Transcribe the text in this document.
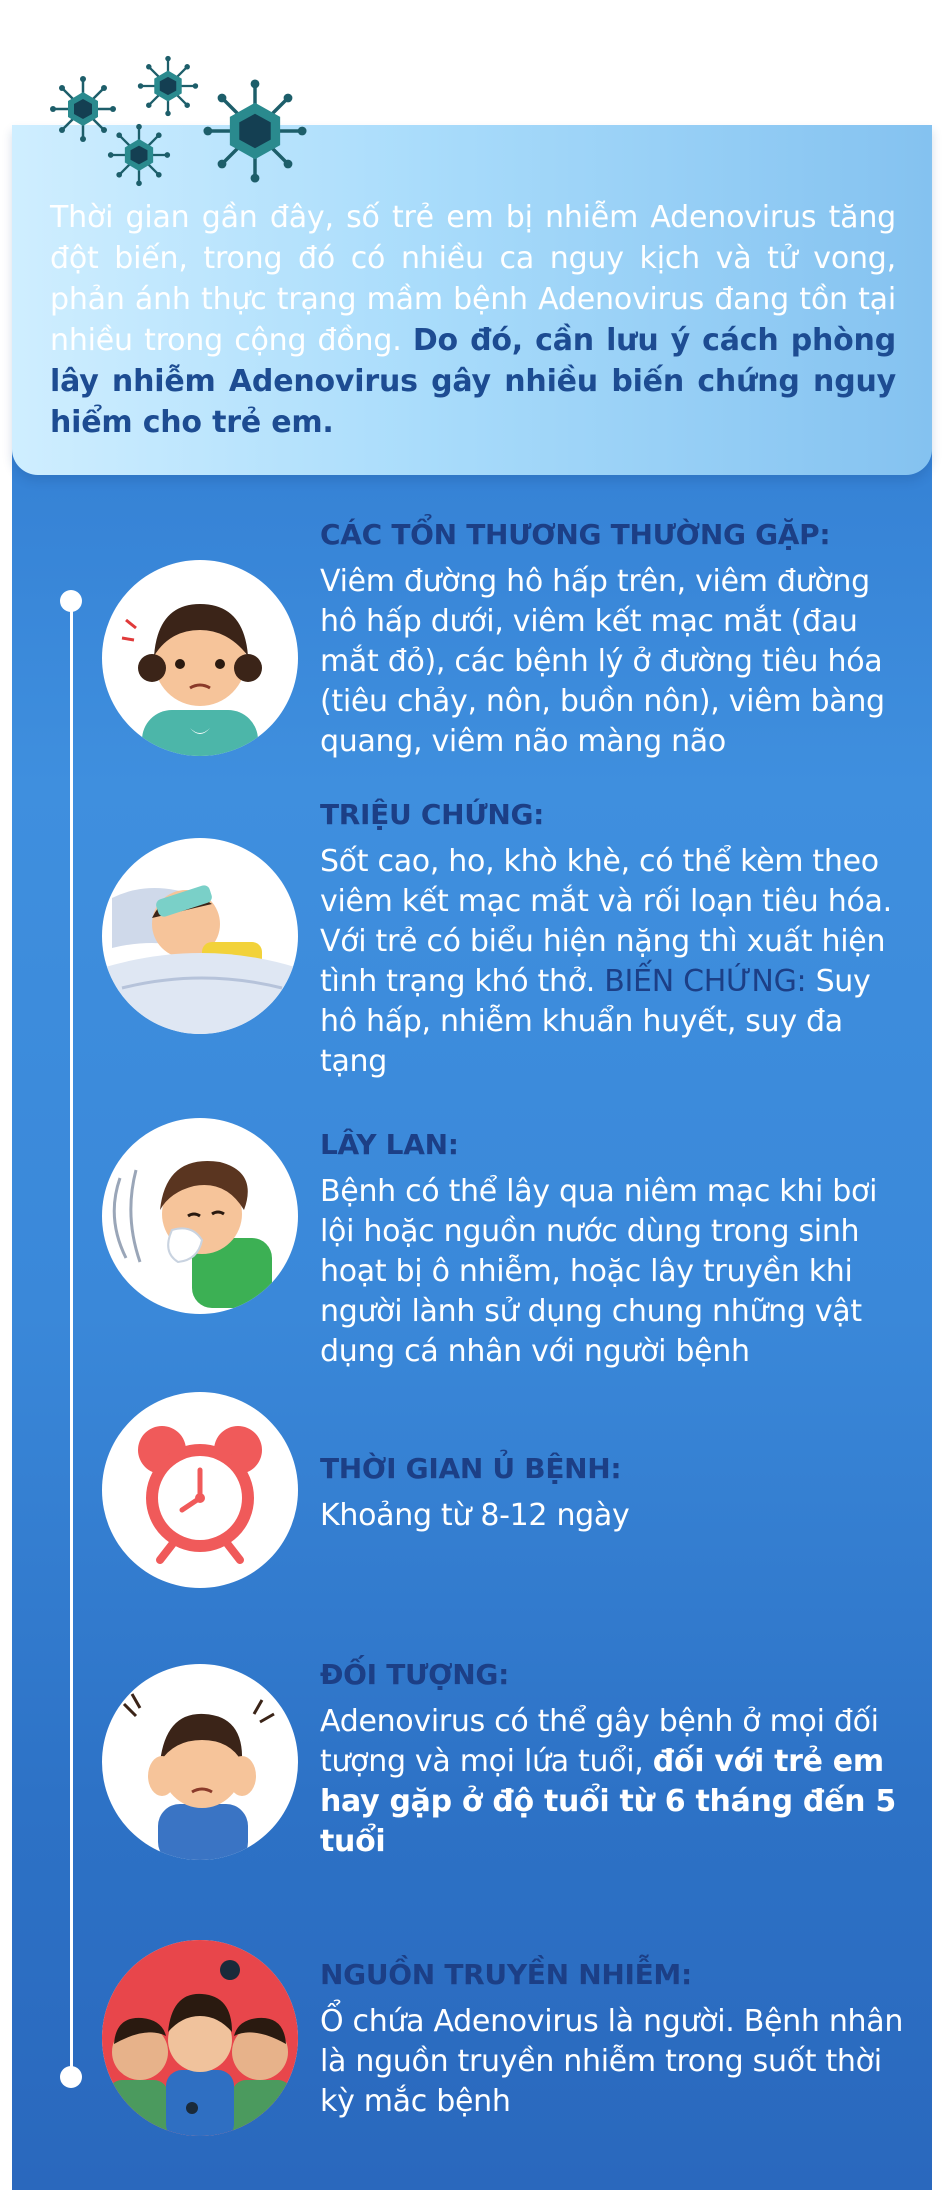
Thời gian gần đây, số trẻ em bị nhiễm Adenovirus tăng đột biến, trong đó có nhiều ca nguy kịch và tử vong, phản ánh thực trạng mầm bệnh Adenovirus đang tồn tại nhiều trong cộng đồng. Do đó, cần lưu ý cách phòng lây nhiễm Adenovirus gây nhiều biến chứng nguy hiểm cho trẻ em.

CÁC TỔN THƯƠNG THƯỜNG GẶP:

Viêm đường hô hấp trên, viêm đường hô hấp dưới, viêm kết mạc mắt (đau mắt đỏ), các bệnh lý ở đường tiêu hóa (tiêu chảy, nôn, buồn nôn), viêm bàng quang, viêm não màng não

TRIỆU CHỨNG:

Sốt cao, ho, khò khè, có thể kèm theo viêm kết mạc mắt và rối loạn tiêu hóa. Với trẻ có biểu hiện nặng thì xuất hiện tình trạng khó thở. BIẾN CHỨNG: Suy hô hấp, nhiễm khuẩn huyết, suy đa tạng

LÂY LAN:

Bệnh có thể lây qua niêm mạc khi bơi lội hoặc nguồn nước dùng trong sinh hoạt bị ô nhiễm, hoặc lây truyền khi người lành sử dụng chung những vật dụng cá nhân với người bệnh

THỜI GIAN Ủ BỆNH:

Khoảng từ 8-12 ngày

ĐỐI TƯỢNG:

Adenovirus có thể gây bệnh ở mọi đối tượng và mọi lứa tuổi, đối với trẻ em hay gặp ở độ tuổi từ 6 tháng đến 5 tuổi

NGUỒN TRUYỀN NHIỄM:

Ổ chứa Adenovirus là người. Bệnh nhân là nguồn truyền nhiễm trong suốt thời kỳ mắc bệnh
